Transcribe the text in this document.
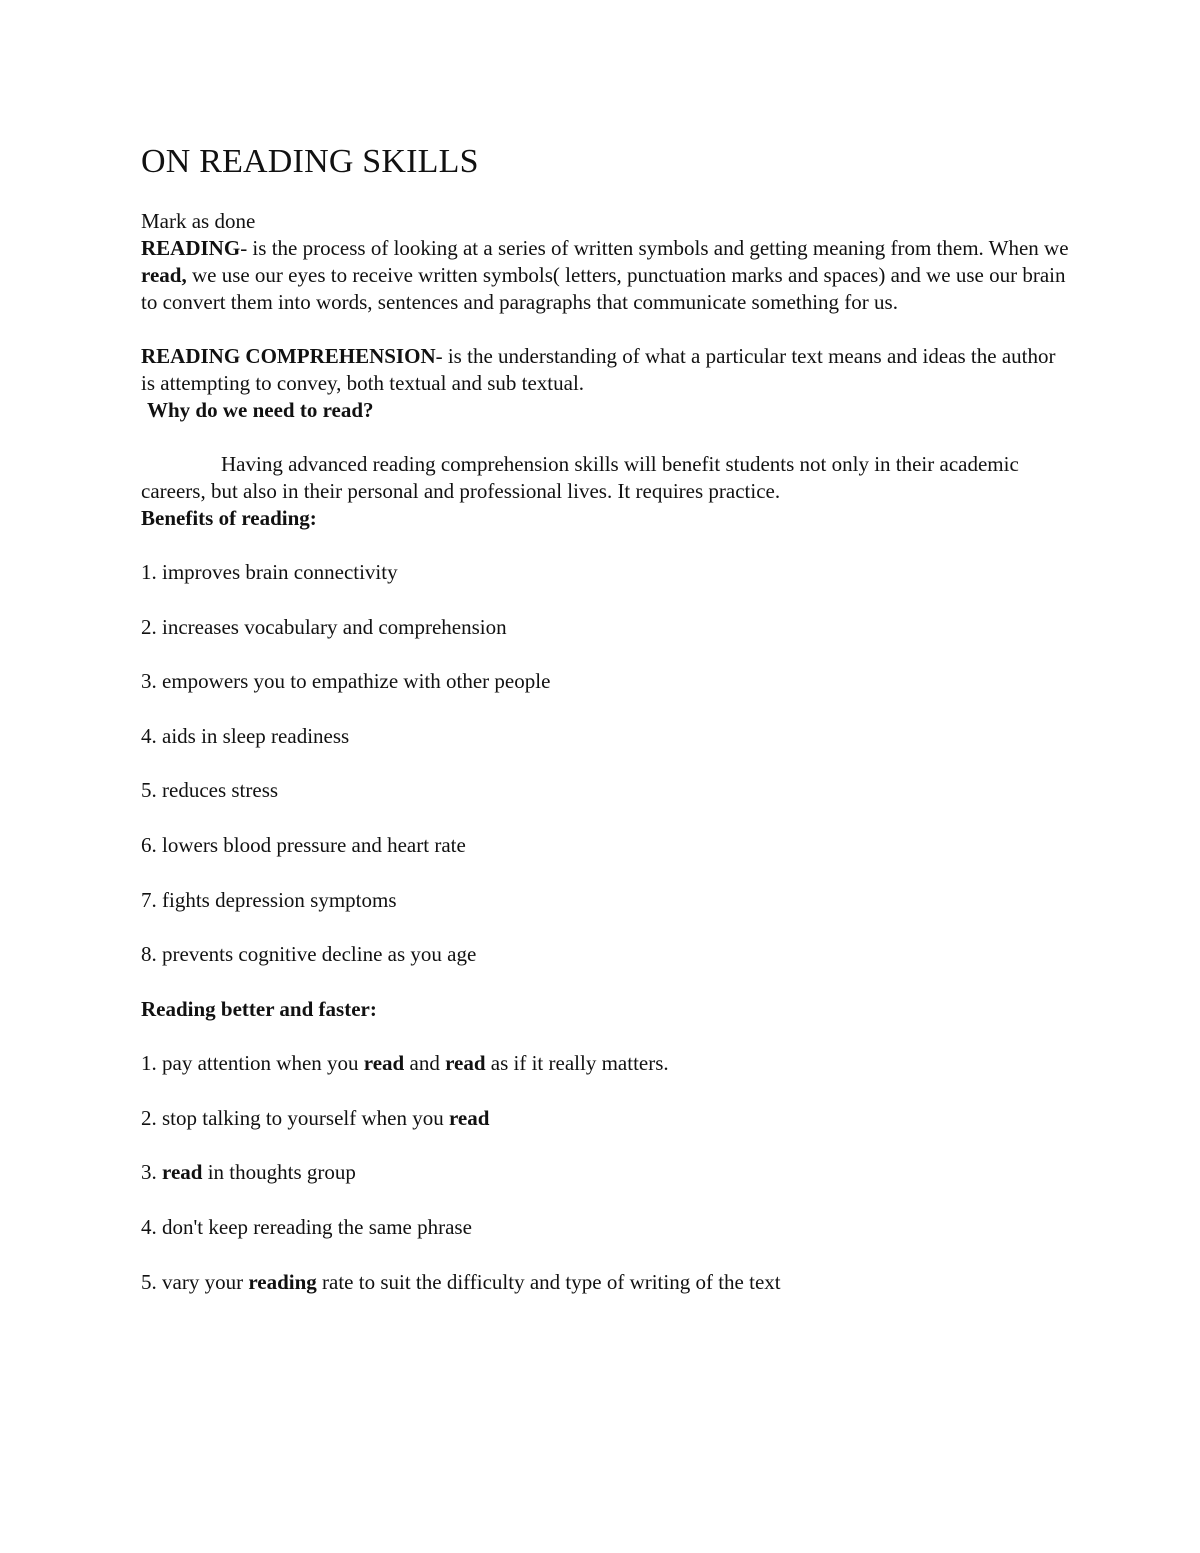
ON READING SKILLS
Mark as done

READING- is the process of looking at a series of written symbols and getting meaning from them. When we read, we use our eyes to receive written symbols( letters, punctuation marks and spaces) and we use our brain to convert them into words, sentences and paragraphs that communicate something for us.

READING COMPREHENSION- is the understanding of what a particular text means and ideas the author is attempting to convey, both textual and sub textual.

Why do we need to read?

Having advanced reading comprehension skills will benefit students not only in their academic careers, but also in their personal and professional lives. It requires practice.

Benefits of reading:

1. improves brain connectivity

2. increases vocabulary and comprehension

3. empowers you to empathize with other people

4. aids in sleep readiness

5. reduces stress

6. lowers blood pressure and heart rate

7. fights depression symptoms

8. prevents cognitive decline as you age

Reading better and faster:

1. pay attention when you read and read as if it really matters.

2. stop talking to yourself when you read

3. read in thoughts group

4. don't keep rereading the same phrase

5. vary your reading rate to suit the difficulty and type of writing of the text
